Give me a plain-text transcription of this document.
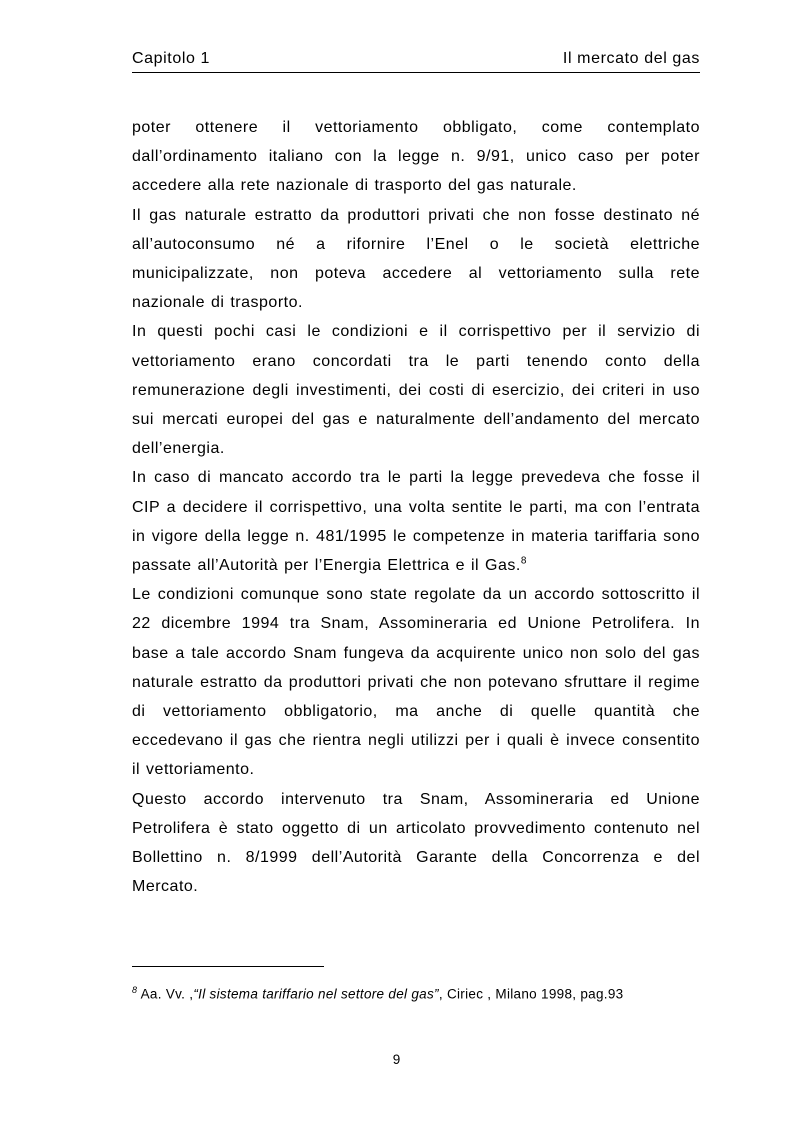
Capitolo 1	Il mercato del gas

poter ottenere il vettoriamento obbligato, come contemplato dall’ordinamento italiano con la legge n. 9/91, unico caso per poter accedere alla rete nazionale di trasporto del gas naturale.

Il gas naturale estratto da produttori privati che non fosse destinato né all’autoconsumo né a rifornire l’Enel o le società elettriche municipalizzate, non poteva accedere al vettoriamento sulla rete nazionale di trasporto.

In questi pochi casi le condizioni e il corrispettivo per il servizio di vettoriamento erano concordati tra le parti tenendo conto della remunerazione degli investimenti, dei costi di esercizio, dei criteri in uso sui mercati europei del gas e naturalmente dell’andamento del mercato dell’energia.

In caso di mancato accordo tra le parti la legge prevedeva che fosse il CIP a decidere il corrispettivo, una volta sentite le parti, ma con l’entrata in vigore della legge n. 481/1995 le competenze in materia tariffaria sono passate all’Autorità per l’Energia Elettrica e il Gas.$^8$

Le condizioni comunque sono state regolate da un accordo sottoscritto il 22 dicembre 1994 tra Snam, Assomineraria ed Unione Petrolifera. In base a tale accordo Snam fungeva da acquirente unico non solo del gas naturale estratto da produttori privati che non potevano sfruttare il regime di vettoriamento obbligatorio, ma anche di quelle quantità che eccedevano il gas che rientra negli utilizzi per i quali è invece consentito il vettoriamento.

Questo accordo intervenuto tra Snam, Assomineraria ed Unione Petrolifera è stato oggetto di un articolato provvedimento contenuto nel Bollettino n. 8/1999 dell’Autorità Garante della Concorrenza e del Mercato.

$^8$ Aa. Vv. ,“Il sistema tariffario nel settore del gas”, Ciriec , Milano 1998, pag.93
9
